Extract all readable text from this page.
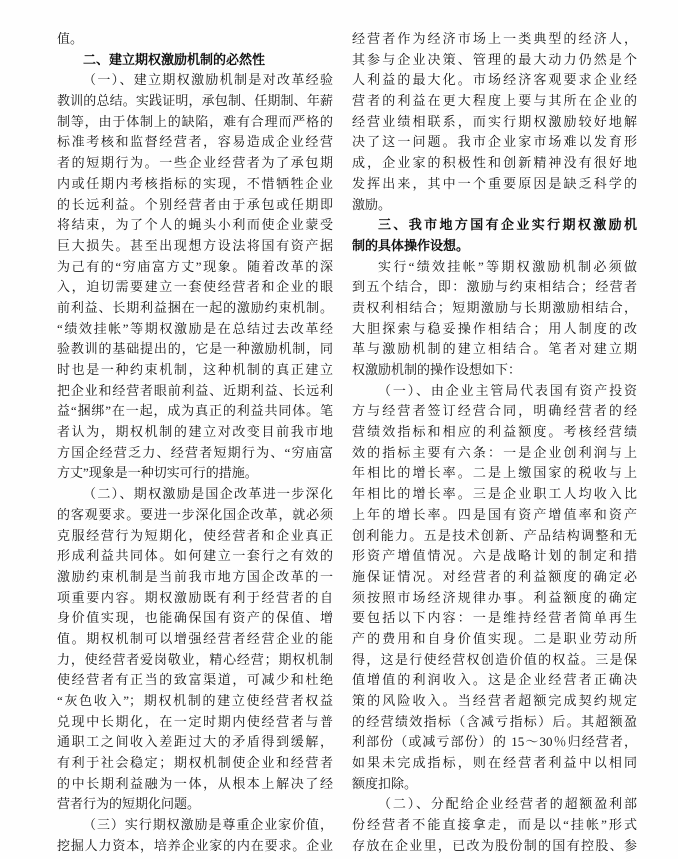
值。
二、建立期权激励机制的必然性
（一）、建立期权激励机制是对改革经验
教训的总结。实践证明，承包制、任期制、年薪
制等，由于体制上的缺陷，难有合理而严格的
标准考核和监督经营者，容易造成企业经营
者的短期行为。一些企业经营者为了承包期
内或任期内考核指标的实现，不惜牺牲企业
的长远利益。个别经营者由于承包或任期即
将结束，为了个人的蝇头小利而使企业蒙受
巨大损失。甚至出现想方设法将国有资产据
为己有的“穷庙富方丈”现象。随着改革的深
入，迫切需要建立一套使经营者和企业的眼
前利益、长期利益捆在一起的激励约束机制。
“绩效挂帐”等期权激励是在总结过去改革经
验教训的基础提出的，它是一种激励机制，同
时也是一种约束机制，这种机制的真正建立
把企业和经营者眼前利益、近期利益、长远利
益“捆绑”在一起，成为真正的利益共同体。笔
者认为，期权机制的建立对改变目前我市地
方国企经营乏力、经营者短期行为、“穷庙富
方丈”现象是一种切实可行的措施。
（二）、期权激励是国企改革进一步深化
的客观要求。要进一步深化国企改革，就必须
克服经营行为短期化，使经营者和企业真正
形成利益共同体。如何建立一套行之有效的
激励约束机制是当前我市地方国企改革的一
项重要内容。期权激励既有利于经营者的自
身价值实现，也能确保国有资产的保值、增
值。期权机制可以增强经营者经营企业的能
力，使经营者爱岗敬业，精心经营；期权机制
使经营者有正当的致富渠道，可减少和杜绝
“灰色收入”；期权机制的建立使经营者权益
兑现中长期化，在一定时期内使经营者与普
通职工之间收入差距过大的矛盾得到缓解，
有利于社会稳定；期权机制使企业和经营者
的中长期利益融为一体，从根本上解决了经
营者行为的短期化问题。
（三）实行期权激励是尊重企业家价值，
挖掘人力资本，培养企业家的内在要求。企业
经营者作为经济市场上一类典型的经济人，
其参与企业决策、管理的最大动力仍然是个
人利益的最大化。市场经济客观要求企业经
营者的利益在更大程度上要与其所在企业的
经营业绩相联系，而实行期权激励较好地解
决了这一问题。我市企业家市场难以发育形
成，企业家的积极性和创新精神没有很好地
发挥出来，其中一个重要原因是缺乏科学的
激励。
三、我市地方国有企业实行期权激励机
制的具体操作设想。
实行“绩效挂帐”等期权激励机制必须做
到五个结合，即：激励与约束相结合；经营者
责权利相结合；短期激励与长期激励相结合，
大胆探索与稳妥操作相结合；用人制度的改
革与激励机制的建立相结合。笔者对建立期
权激励机制的操作设想如下：
（一）、由企业主管局代表国有资产投资
方与经营者签订经营合同，明确经营者的经
营绩效指标和相应的利益额度。考核经营绩
效的指标主要有六条：一是企业创利润与上
年相比的增长率。二是上缴国家的税收与上
年相比的增长率。三是企业职工人均收入比
上年的增长率。四是国有资产增值率和资产
创利能力。五是技术创新、产品结构调整和无
形资产增值情况。六是战略计划的制定和措
施保证情况。对经营者的利益额度的确定必
须按照市场经济规律办事。利益额度的确定
要包括以下内容：一是维持经营者简单再生
产的费用和自身价值实现。二是职业劳动所
得，这是行使经营权创造价值的权益。三是保
值增值的利润收入。这是企业经营者正确决
策的风险收入。当经营者超额完成契约规定
的经营绩效指标（含减亏指标）后。其超额盈
利部份（或减亏部份）的 15～30％归经营者，
如果未完成指标，则在经营者利益中以相同
额度扣除。
（二）、分配给企业经营者的超额盈利部
份经营者不能直接拿走，而是以“挂帐”形式
存放在企业里，已改为股份制的国有控股、参
